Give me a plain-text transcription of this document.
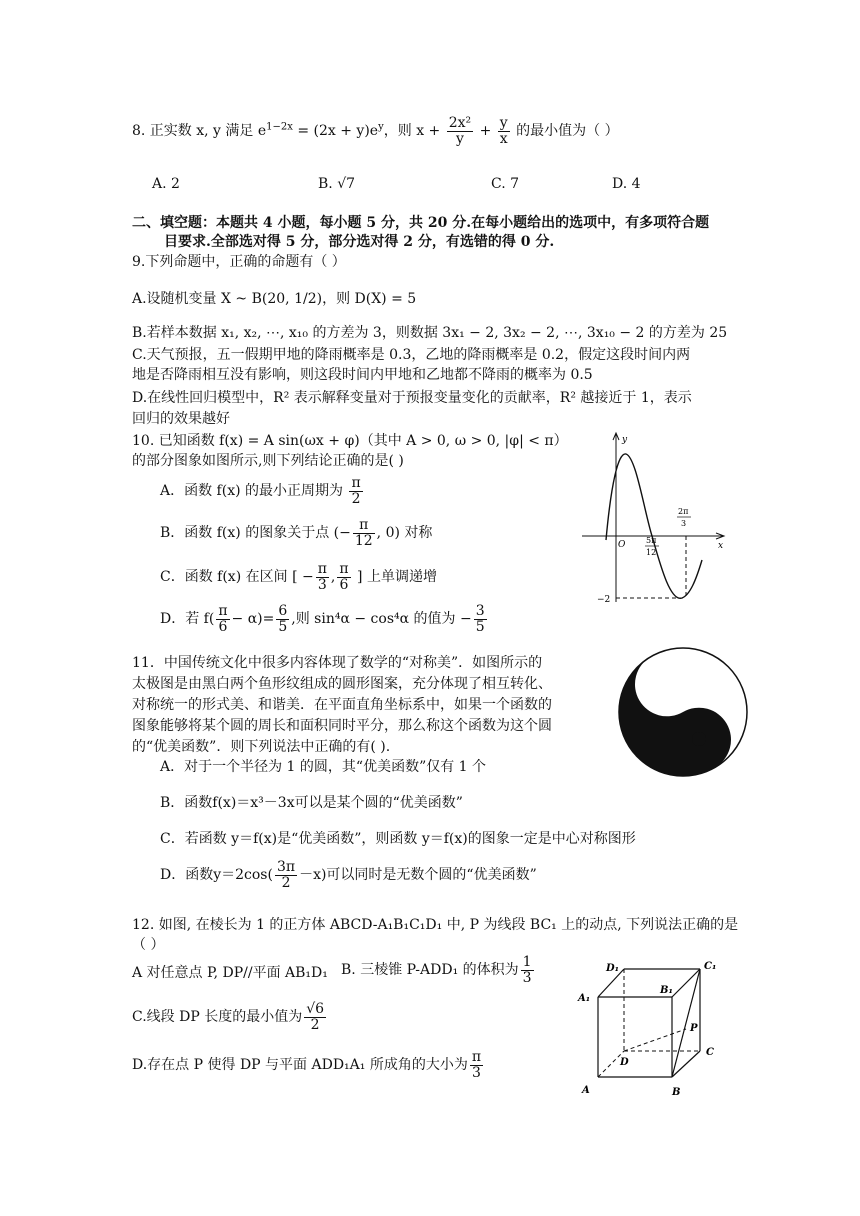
8. 正实数 x, y 满足 $e^{1-2x} = (2x + y)e^y$，则 $x + \frac{\text{2x²}}{y} + \frac{y}{x}$ 的最小值为（ ）
A. 2	B. √7	C. 7	D. 4
二、填空题：本题共 4 小题，每小题 5 分，共 20 分.在每小题给出的选项中，有多项符合题
目要求.全部选对得 5 分，部分选对得 2 分，有选错的得 0 分.
9.下列命题中，正确的命题有（ ）
A.设随机变量 X ~ B(20, 1/2)，则 D(X) = 5
B.若样本数据 x₁, x₂, ⋯, x₁₀ 的方差为 3，则数据 3x₁ − 2, 3x₂ − 2, ⋯, 3x₁₀ − 2 的方差为 25
C.天气预报，五一假期甲地的降雨概率是 0.3，乙地的降雨概率是 0.2，假定这段时间内两
地是否降雨相互没有影响，则这段时间内甲地和乙地都不降雨的概率为 0.5
D.在线性回归模型中，R² 表示解释变量对于预报变量变化的贡献率，R² 越接近于 1，表示
回归的效果越好
10. 已知函数 f(x) = A sin(ωx + φ)（其中 A > 0, ω > 0, |φ| < π）
的部分图象如图所示,则下列结论正确的是( )
A．函数 f(x) 的最小正周期为 $\frac{\pi}{2}$
B．函数 f(x) 的图象关于点 (− $\frac{\pi}{12}$ , 0) 对称
C．函数 f(x) 在区间 [ − $\frac{\pi}{3}$ , $\frac{\pi}{6}$ ] 上单调递增
D．若 $f( \frac{\pi}{6} - \alpha)= \frac{6}{5}$ ,则 sin⁴α − cos⁴α 的值为 − $\frac{3}{5}$
y
x
O	5π
12
2π
3
−2
11．中国传统文化中很多内容体现了数学的“对称美”．如图所示的
太极图是由黑白两个鱼形纹组成的圆形图案，充分体现了相互转化、
对称统一的形式美、和谐美．在平面直角坐标系中，如果一个函数的
图象能够将某个圆的周长和面积同时平分，那么称这个函数为这个圆
的“优美函数”．则下列说法中正确的有( ).
A．对于一个半径为 1 的圆，其“优美函数”仅有 1 个
B．函数f(x)＝x³－3x可以是某个圆的“优美函数”
C．若函数 y＝f(x)是“优美函数”，则函数 y＝f(x)的图象一定是中心对称图形
D．函数$y=2\cos( \frac{3\pi}{2} -x)$可以同时是无数个圆的“优美函数”
12. 如图, 在棱长为 1 的正方体 ABCD-A₁B₁C₁D₁ 中, P 为线段 BC₁ 上的动点, 下列说法正确的是
（ ）
A 对任意点 P, DP//平面 AB₁D₁ B. 三棱锥 P-ADD₁ 的体积为 $\frac{1}{3}$
C.线段 DP 长度的最小值为 $\frac{√6}{2}$
D.存在点 P 使得 DP 与平面 ADD₁A₁ 所成角的大小为 $\frac{\pi}{3}$
D₁	C₁
A₁
B₁
P
D
C
A	B
